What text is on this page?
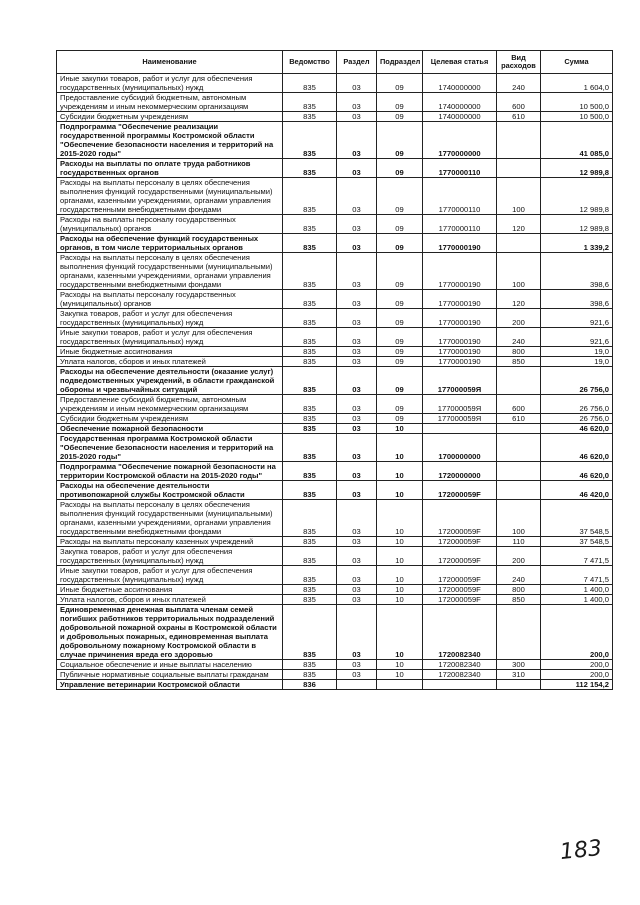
Наименование	Ведомство	Раздел	Подраздел	Целевая статья	Вид расходов	Сумма
Иные закупки товаров, работ и услуг для обеспечения государственных (муниципальных) нужд	835	03	09	1740000000	240	1 604,0
Предоставление субсидий бюджетным, автономным учреждениям и иным некоммерческим организациям	835	03	09	1740000000	600	10 500,0
Субсидии бюджетным учреждениям	835	03	09	1740000000	610	10 500,0
Подпрограмма "Обеспечение реализации государственной программы Костромской области "Обеспечение безопасности населения и территорий на 2015-2020 годы"	835	03	09	1770000000		41 085,0
Расходы на выплаты по оплате труда работников государственных органов	835	03	09	1770000110		12 989,8
Расходы на выплаты персоналу в целях обеспечения выполнения функций государственными (муниципальными) органами, казенными учреждениями, органами управления государственными внебюджетными фондами	835	03	09	1770000110	100	12 989,8
Расходы на выплаты персоналу государственных (муниципальных) органов	835	03	09	1770000110	120	12 989,8
Расходы на обеспечение функций государственных органов, в том числе территориальных органов	835	03	09	1770000190		1 339,2
Расходы на выплаты персоналу в целях обеспечения выполнения функций государственными (муниципальными) органами, казенными учреждениями, органами управления государственными внебюджетными фондами	835	03	09	1770000190	100	398,6
Расходы на выплаты персоналу государственных (муниципальных) органов	835	03	09	1770000190	120	398,6
Закупка товаров, работ и услуг для обеспечения государственных (муниципальных) нужд	835	03	09	1770000190	200	921,6
Иные закупки товаров, работ и услуг для обеспечения государственных (муниципальных) нужд	835	03	09	1770000190	240	921,6
Иные бюджетные ассигнования	835	03	09	1770000190	800	19,0
Уплата налогов, сборов и иных платежей	835	03	09	1770000190	850	19,0
Расходы на обеспечение деятельности (оказание услуг) подведомственных учреждений, в области гражданской обороны и чрезвычайных ситуаций	835	03	09	177000059Я		26 756,0
Предоставление субсидий бюджетным, автономным учреждениям и иным некоммерческим организациям	835	03	09	177000059Я	600	26 756,0
Субсидии бюджетным учреждениям	835	03	09	177000059Я	610	26 756,0
Обеспечение пожарной безопасности	835	03	10			46 620,0
Государственная программа Костромской области "Обеспечение безопасности населения и территорий на 2015-2020 годы"	835	03	10	1700000000		46 620,0
Подпрограмма "Обеспечение пожарной безопасности на территории Костромской области на 2015-2020 годы"	835	03	10	1720000000		46 620,0
Расходы на обеспечение деятельности противопожарной службы Костромской области	835	03	10	172000059F		46 420,0
Расходы на выплаты персоналу в целях обеспечения выполнения функций государственными (муниципальными) органами, казенными учреждениями, органами управления государственными внебюджетными фондами	835	03	10	172000059F	100	37 548,5
Расходы на выплаты персоналу казенных учреждений	835	03	10	172000059F	110	37 548,5
Закупка товаров, работ и услуг для обеспечения государственных (муниципальных) нужд	835	03	10	172000059F	200	7 471,5
Иные закупки товаров, работ и услуг для обеспечения государственных (муниципальных) нужд	835	03	10	172000059F	240	7 471,5
Иные бюджетные ассигнования	835	03	10	172000059F	800	1 400,0
Уплата налогов, сборов и иных платежей	835	03	10	172000059F	850	1 400,0
Единовременная денежная выплата членам семей погибших работников территориальных подразделений добровольной пожарной охраны в Костромской области и добровольных пожарных, единовременная выплата добровольному пожарному Костромской области в случае причинения вреда его здоровью	835	03	10	1720082340		200,0
Социальное обеспечение и иные выплаты населению	835	03	10	1720082340	300	200,0
Публичные нормативные социальные выплаты гражданам	835	03	10	1720082340	310	200,0
Управление ветеринарии Костромской области	836					112 154,2
183
